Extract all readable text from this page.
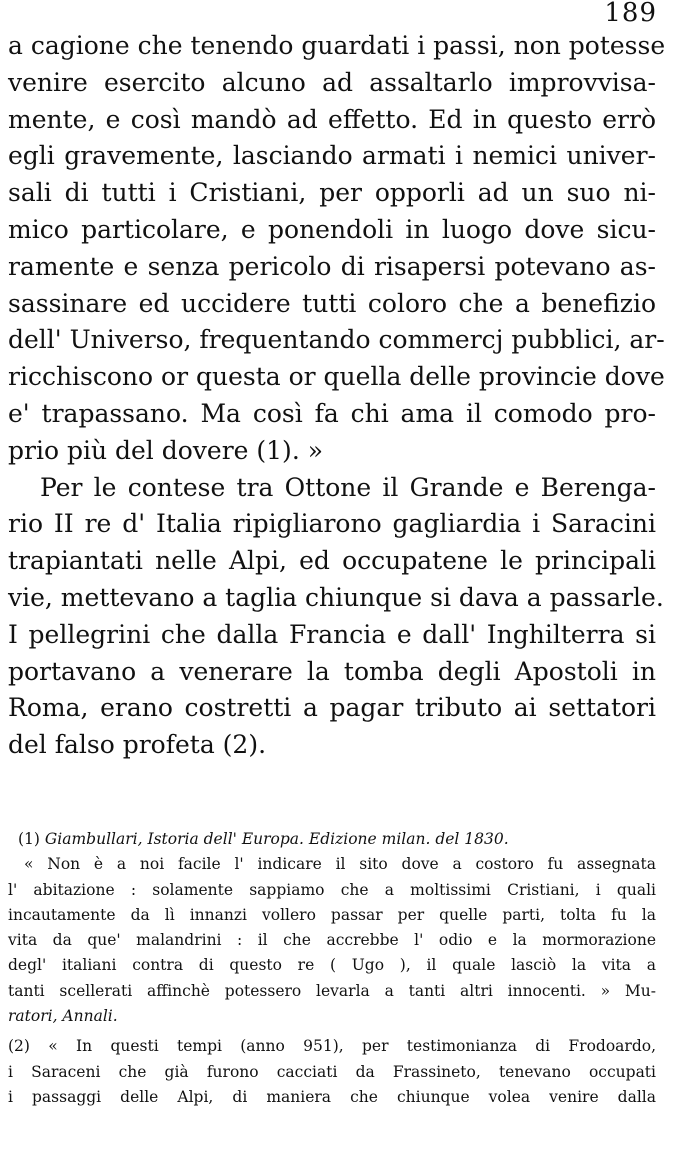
189
a cagione che tenendo guardati i passi, non potesse
venire esercito alcuno ad assaltarlo improvvisa-
mente, e così mandò ad effetto. Ed in questo errò
egli gravemente, lasciando armati i nemici univer-
sali di tutti i Cristiani, per opporli ad un suo ni-
mico particolare, e ponendoli in luogo dove sicu-
ramente e senza pericolo di risapersi potevano as-
sassinare ed uccidere tutti coloro che a benefizio
dell' Universo, frequentando commercj pubblici, ar-
ricchiscono or questa or quella delle provincie dove
e' trapassano. Ma così fa chi ama il comodo pro-
prio più del dovere (1). »
Per le contese tra Ottone il Grande e Berenga-
rio II re d' Italia ripigliarono gagliardia i Saracini
trapiantati nelle Alpi, ed occupatene le principali
vie, mettevano a taglia chiunque si dava a passarle.
I pellegrini che dalla Francia e dall' Inghilterra si
portavano a venerare la tomba degli Apostoli in
Roma, erano costretti a pagar tributo ai settatori
del falso profeta (2).
(1) Giambullari, Istoria dell' Europa. Edizione milan. del 1830.
« Non è a noi facile l' indicare il sito dove a costoro fu assegnata
l' abitazione : solamente sappiamo che a moltissimi Cristiani, i quali
incautamente da lì innanzi vollero passar per quelle parti, tolta fu la
vita da que' malandrini : il che accrebbe l' odio e la mormorazione
degl' italiani contra di questo re ( Ugo ), il quale lasciò la vita a
tanti scellerati affinchè potessero levarla a tanti altri innocenti. » Mu-
ratori, Annali.
(2) « In questi tempi (anno 951), per testimonianza di Frodoardo,
i Saraceni che già furono cacciati da Frassineto, tenevano occupati
i passaggi delle Alpi, di maniera che chiunque volea venire dalla
